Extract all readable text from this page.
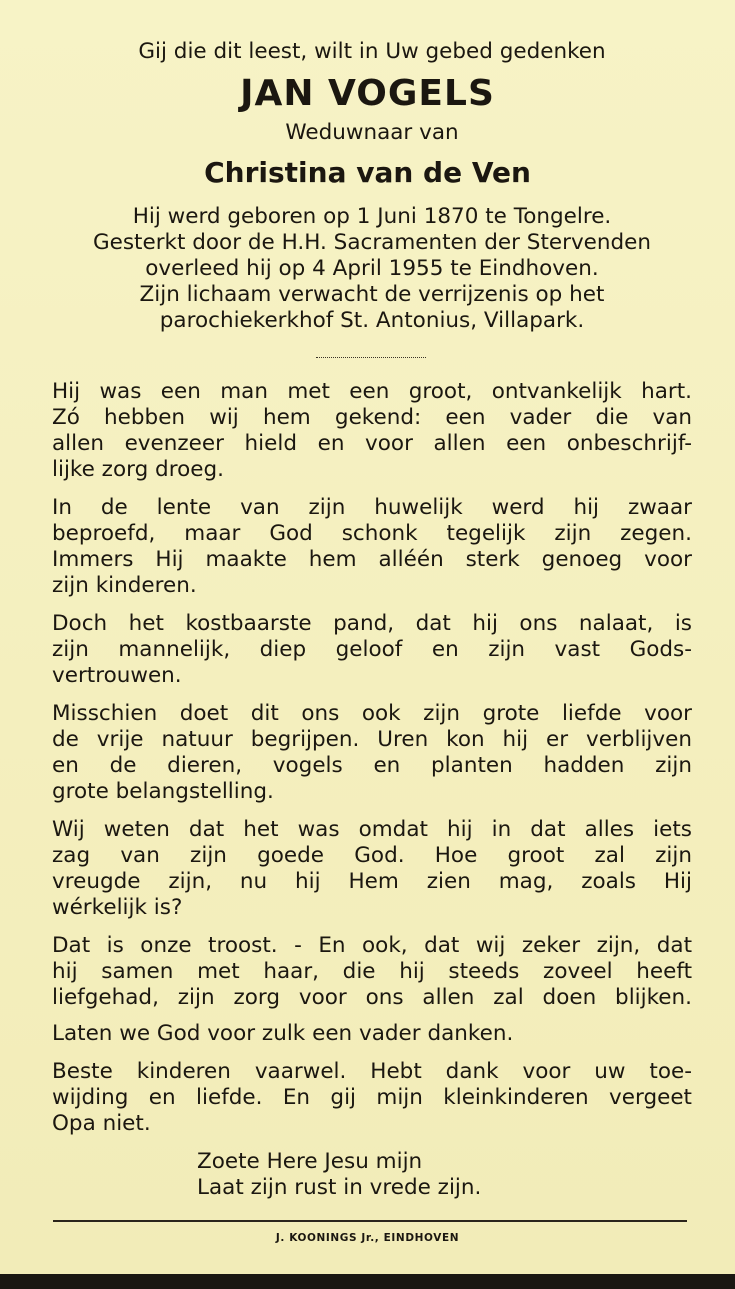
Gij die dit leest, wilt in Uw gebed gedenken
JAN VOGELS
Weduwnaar van
Christina van de Ven
Hij werd geboren op 1 Juni 1870 te Tongelre.
Gesterkt door de H.H. Sacramenten der Stervenden
overleed hij op 4 April 1955 te Eindhoven.
Zijn lichaam verwacht de verrijzenis op het
parochiekerkhof St. Antonius, Villapark.
Hij was een man met een groot, ontvankelijk hart.
Zó hebben wij hem gekend: een vader die van
allen evenzeer hield en voor allen een onbeschrijf-
lijke zorg droeg.
In de lente van zijn huwelijk werd hij zwaar
beproefd, maar God schonk tegelijk zijn zegen.
Immers Hij maakte hem alléén sterk genoeg voor
zijn kinderen.
Doch het kostbaarste pand, dat hij ons nalaat, is
zijn mannelijk, diep geloof en zijn vast Gods-
vertrouwen.
Misschien doet dit ons ook zijn grote liefde voor
de vrije natuur begrijpen. Uren kon hij er verblijven
en de dieren, vogels en planten hadden zijn
grote belangstelling.
Wij weten dat het was omdat hij in dat alles iets
zag van zijn goede God. Hoe groot zal zijn
vreugde zijn, nu hij Hem zien mag, zoals Hij
wérkelijk is?
Dat is onze troost. - En ook, dat wij zeker zijn, dat
hij samen met haar, die hij steeds zoveel heeft
liefgehad, zijn zorg voor ons allen zal doen blijken.
Laten we God voor zulk een vader danken.
Beste kinderen vaarwel. Hebt dank voor uw toe-
wijding en liefde. En gij mijn kleinkinderen vergeet
Opa niet.
Zoete Here Jesu mijn
Laat zijn rust in vrede zijn.
J. KOONINGS Jr., EINDHOVEN
